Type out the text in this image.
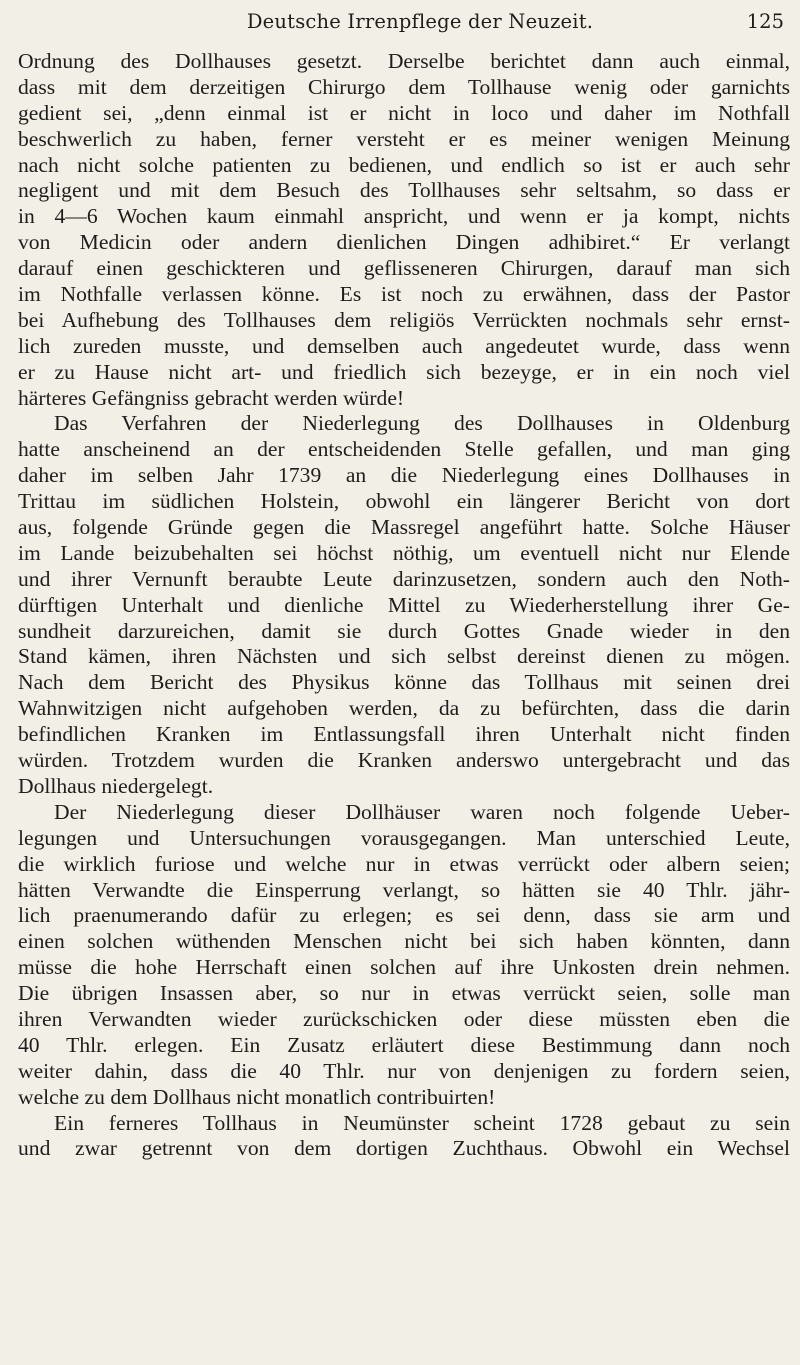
Deutsche Irrenpflege der Neuzeit.	125
Ordnung des Dollhauses gesetzt. Derselbe berichtet dann auch einmal,
dass mit dem derzeitigen Chirurgo dem Tollhause wenig oder garnichts
gedient sei, „denn einmal ist er nicht in loco und daher im Nothfall
beschwerlich zu haben, ferner versteht er es meiner wenigen Meinung
nach nicht solche patienten zu bedienen, und endlich so ist er auch sehr
negligent und mit dem Besuch des Tollhauses sehr seltsahm, so dass er
in 4—6 Wochen kaum einmahl anspricht, und wenn er ja kompt, nichts
von Medicin oder andern dienlichen Dingen adhibiret.“ Er verlangt
darauf einen geschickteren und geflisseneren Chirurgen, darauf man sich
im Nothfalle verlassen könne. Es ist noch zu erwähnen, dass der Pastor
bei Aufhebung des Tollhauses dem religiös Verrückten nochmals sehr ernst-
lich zureden musste, und demselben auch angedeutet wurde, dass wenn
er zu Hause nicht art- und friedlich sich bezeyge, er in ein noch viel
härteres Gefängniss gebracht werden würde!
Das Verfahren der Niederlegung des Dollhauses in Oldenburg
hatte anscheinend an der entscheidenden Stelle gefallen, und man ging
daher im selben Jahr 1739 an die Niederlegung eines Dollhauses in
Trittau im südlichen Holstein, obwohl ein längerer Bericht von dort
aus, folgende Gründe gegen die Massregel angeführt hatte. Solche Häuser
im Lande beizubehalten sei höchst nöthig, um eventuell nicht nur Elende
und ihrer Vernunft beraubte Leute darinzusetzen, sondern auch den Noth-
dürftigen Unterhalt und dienliche Mittel zu Wiederherstellung ihrer Ge-
sundheit darzureichen, damit sie durch Gottes Gnade wieder in den
Stand kämen, ihren Nächsten und sich selbst dereinst dienen zu mögen.
Nach dem Bericht des Physikus könne das Tollhaus mit seinen drei
Wahnwitzigen nicht aufgehoben werden, da zu befürchten, dass die darin
befindlichen Kranken im Entlassungsfall ihren Unterhalt nicht finden
würden. Trotzdem wurden die Kranken anderswo untergebracht und das
Dollhaus niedergelegt.
Der Niederlegung dieser Dollhäuser waren noch folgende Ueber-
legungen und Untersuchungen vorausgegangen. Man unterschied Leute,
die wirklich furiose und welche nur in etwas verrückt oder albern seien;
hätten Verwandte die Einsperrung verlangt, so hätten sie 40 Thlr. jähr-
lich praenumerando dafür zu erlegen; es sei denn, dass sie arm und
einen solchen wüthenden Menschen nicht bei sich haben könnten, dann
müsse die hohe Herrschaft einen solchen auf ihre Unkosten drein nehmen.
Die übrigen Insassen aber, so nur in etwas verrückt seien, solle man
ihren Verwandten wieder zurückschicken oder diese müssten eben die
40 Thlr. erlegen. Ein Zusatz erläutert diese Bestimmung dann noch
weiter dahin, dass die 40 Thlr. nur von denjenigen zu fordern seien,
welche zu dem Dollhaus nicht monatlich contribuirten!
Ein ferneres Tollhaus in Neumünster scheint 1728 gebaut zu sein
und zwar getrennt von dem dortigen Zuchthaus. Obwohl ein Wechsel
